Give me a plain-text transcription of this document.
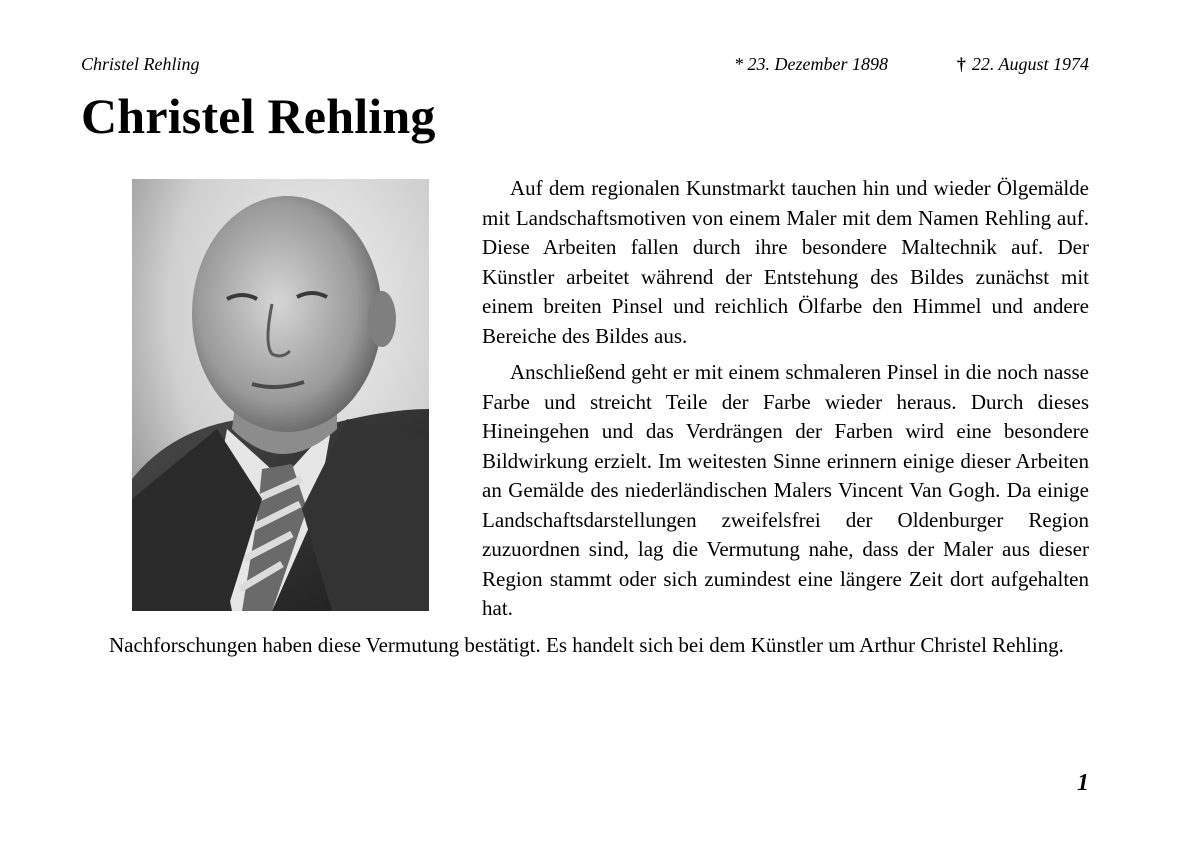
Christel Rehling	* 23. Dezember 1898	† 22. August 1974
Christel Rehling

Auf dem regionalen Kunstmarkt tauchen hin und wieder Ölgemälde mit Landschaftsmotiven von einem Maler mit dem Namen Rehling auf. Diese Arbeiten fallen durch ihre besondere Maltechnik auf. Der Künstler arbeitet während der Entstehung des Bildes zunächst mit einem breiten Pinsel und reichlich Ölfarbe den Himmel und andere Bereiche des Bildes aus.

Anschließend geht er mit einem schmaleren Pinsel in die noch nasse Farbe und streicht Teile der Farbe wieder heraus. Durch dieses Hineingehen und das Verdrängen der Farben wird eine besondere Bildwirkung erzielt. Im weitesten Sinne erinnern einige dieser Arbeiten an Gemälde des niederländischen Malers Vincent Van Gogh. Da einige Landschaftsdarstellungen zweifelsfrei der Oldenburger Region zuzuordnen sind, lag die Vermutung nahe, dass der Maler aus dieser Region stammt oder sich zumindest eine längere Zeit dort aufgehalten hat.

Nachforschungen haben diese Vermutung bestätigt. Es handelt sich bei dem Künstler um Arthur Christel Rehling.

1
